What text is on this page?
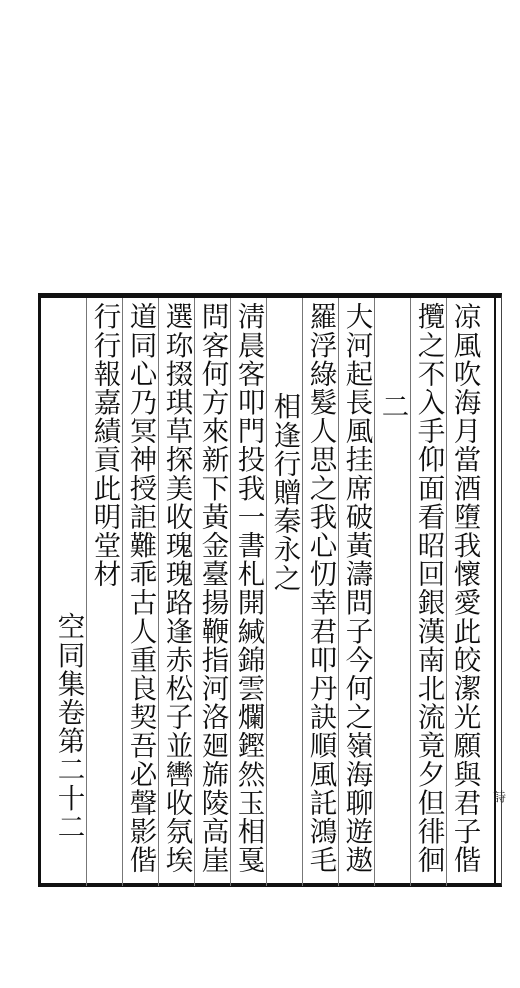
詩
凉風吹海月當酒墮我懷愛此皎潔光願與君子偕
攬之不入手仰面看昭回銀漢南北流竟夕但徘徊
二
大河起長風挂席破黃濤問子今何之嶺海聊遊遨
羅浮綠髮人思之我心忉幸君叩丹訣順風託鴻毛
相逢行贈秦永之
淸晨客叩門投我一書札開緘錦雲爛鏗然玉相戛
問客何方來新下黃金臺揚鞭指河洛廻旆陵高崖
選珎掇琪草探美收瑰瑰路逢赤松子並轡收氛埃
道同心乃冥神授詎難乖古人重良契吾必聲影偕
行行報嘉績貢此明堂材
空同集卷第二十二
